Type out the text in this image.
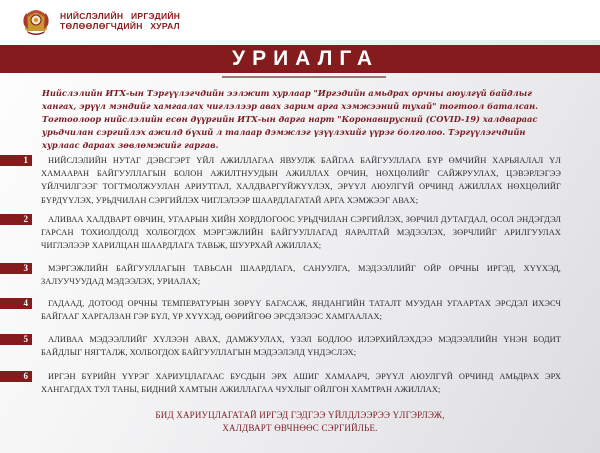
НИЙСЛЭЛИЙН ИРГЭДИЙН
ТӨЛӨӨЛӨГЧДИЙН ХУРАЛ
УРИАЛГА
Нийслэлийн ИТХ-ын Тэргүүлэгчдийн ээлжит хурлаар "Иргэдийн амьдрах орчны аюулгүй байдлыг хангах, эрүүл мэндийг хамгаалах чиглэлээр авах зарим арга хэмжээний тухай" тогтоол баталсан. Тогтоолоор нийслэлийн есөн дүүргийн ИТХ-ын дарга нарт "Коронавирусний (COVID-19) халдвараас урьдчилан сэргийлэх ажилд бүхий л талаар дэмжлэг үзүүлэхийг үүрэг болголоо. Тэргүүлэгчдийн хурлаас дараах зөвлөмжийг гаргав.
1	НИЙСЛЭЛИЙН НУТАГ ДЭВСГЭРТ ҮЙЛ АЖИЛЛАГАА ЯВУУЛЖ БАЙГАА БАЙГУУЛЛАГА БҮР ӨМЧИЙН ХАРЬЯАЛАЛ ҮЛ ХАМААРАН БАЙГУУЛЛАГЫН БОЛОН АЖИЛТНУУДЫН АЖИЛЛАХ ОРЧИН, НӨХЦӨЛИЙГ САЙЖРУУЛАХ, ЦЭВЭРЛЭГЭЭ ҮЙЛЧИЛГЭЭГ ТОГТМОЛЖУУЛАН АРИУТГАЛ, ХАЛДВАРГҮЙЖҮҮЛЭХ, ЭРҮҮЛ АЮУЛГҮЙ ОРЧИНД АЖИЛЛАХ НӨХЦӨЛИЙГ БҮРДҮҮЛЭХ, УРЬДЧИЛАН СЭРГИЙЛЭХ ЧИГЛЭЛЭЭР ШААРДЛАГАТАЙ АРГА ХЭМЖЭЭГ АВАХ;
2	АЛИВАА ХАЛДВАРТ ӨВЧИН, УГААРЫН ХИЙН ХОРДЛОГООС УРЬДЧИЛАН СЭРГИЙЛЭХ, ЗӨРЧИЛ ДУТАГДАЛ, ОСОЛ ЭНДЭГДЭЛ ГАРСАН ТОХИОЛДОЛД ХОЛБОГДОХ МЭРГЭЖЛИЙН БАЙГУУЛЛАГАД ЯАРАЛТАЙ МЭДЭЭЛЭХ, ЗӨРЧЛИЙГ АРИЛГУУЛАХ ЧИГЛЭЛЭЭР ХАРИЛЦАН ШААРДЛАГА ТАВЬЖ, ШУУРХАЙ АЖИЛЛАХ;
3	МЭРГЭЖЛИЙН БАЙГУУЛЛАГЫН ТАВЬСАН ШААРДЛАГА, САНУУЛГА, МЭДЭЭЛЛИЙГ ОЙР ОРЧНЫ ИРГЭД, ХҮҮХЭД, ЗАЛУУЧУУДАД МЭДЭЭЛЭХ, УРИАЛАХ;
4	ГАДААД, ДОТООД ОРЧНЫ ТЕМПЕРАТУРЫН ЗӨРҮҮ БАГАСАЖ, ЯНДАНГИЙН ТАТАЛТ МУУДАН УГААРТАХ ЭРСДЭЛ ИХЭСЧ БАЙГААГ ХАРГАЛЗАН ГЭР БҮЛ, ҮР ХҮҮХЭД, ӨӨРИЙГӨӨ ЭРСДЭЛЭЭС ХАМГААЛАХ;
5	АЛИВАА МЭДЭЭЛЛИЙГ ХҮЛЭЭН АВАХ, ДАМЖУУЛАХ, ҮЗЭЛ БОДЛОО ИЛЭРХИЙЛЭХДЭЭ МЭДЭЭЛЛИЙН ҮНЭН БОДИТ БАЙДЛЫГ НЯГТАЛЖ, ХОЛБОГДОХ БАЙГУУЛЛАГЫН МЭДЭЭЛЭЛД ҮНДЭСЛЭХ;
6	ИРГЭН БҮРИЙН ҮҮРЭГ ХАРИУЦЛАГААС БУСДЫН ЭРХ АШИГ ХАМААРЧ, ЭРҮҮЛ АЮУЛГҮЙ ОРЧИНД АМЬДРАХ ЭРХ ХАНГАГДАХ ТУЛ ТАНЫ, БИДНИЙ ХАМТЫН АЖИЛЛАГАА ЧУХЛЫГ ОЙЛГОН ХАМТРАН АЖИЛЛАХ;
БИД ХАРИУЦЛАГАТАЙ ИРГЭД ГЭДГЭЭ ҮЙЛДЛЭЭРЭЭ ҮЛГЭРЛЭЖ,
ХАЛДВАРТ ӨВЧНӨӨС СЭРГИЙЛЬЕ.
